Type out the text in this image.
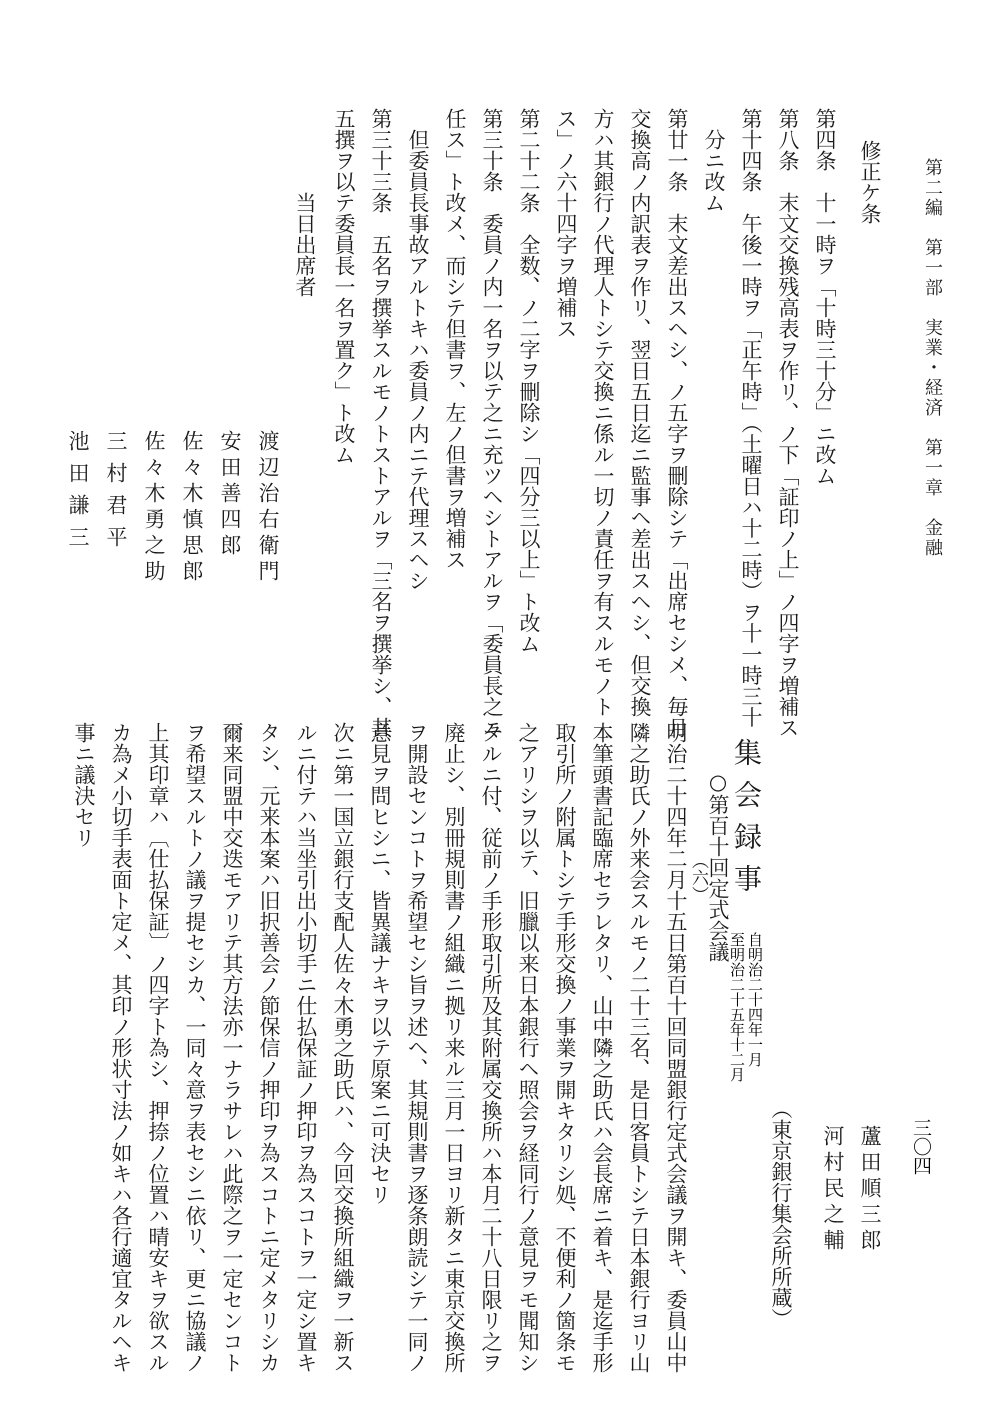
第二編　第一部　実業・経済　第一章　金融
三〇四
修正ケ条
第四条　十一時ヲ「十時三十分」ニ改ム
第八条　末文交換残高表ヲ作リ、ノ下「証印ノ上」ノ四字ヲ増補ス
第十四条　午後一時ヲ「正午時」（土曜日ハ十二時）ヲ十一時三十
　分ニ改ム
第廿一条　末文差出スヘシ、ノ五字ヲ刪除シテ「出席セシメ、毎月
交換高ノ内訳表ヲ作リ、翌日五日迄ニ監事ヘ差出スヘシ、但交換
方ハ其銀行ノ代理人トシテ交換ニ係ル一切ノ責任ヲ有スルモノト
ス」ノ六十四字ヲ増補ス
第二十二条　全数、ノ二字ヲ刪除シ「四分三以上」ト改ム
第三十条　委員ノ内一名ヲ以テ之ニ充ツヘシトアルヲ「委員長之ニ
任ス」ト改メ、而シテ但書ヲ、左ノ但書ヲ増補ス
　但委員長事故アルトキハ委員ノ内ニテ代理スヘシ
第三十三条　五名ヲ撰挙スルモノトストアルヲ「三名ヲ撰挙シ、其
五撰ヲ以テ委員長一名ヲ置ク」ト改ム
当日出席者
渡辺治右衛門
安田善四郎
佐々木慎思郎
佐々木勇之助
三村君平
池田謙三
蘆田順三郎
河村民之輔
（東京銀行集会所所蔵）
自明治二十四年一月
至明治二十五年十二月
集会録事
（六）
○第百十回定式会議
明治二十四年二月十五日第百十回同盟銀行定式会議ヲ開キ、委員山中
隣之助氏ノ外来会スルモノ二十三名、是日客員トシテ日本銀行ヨリ山
本筆頭書記臨席セラレタリ、山中隣之助氏ハ会長席ニ着キ、是迄手形
取引所ノ附属トシテ手形交換ノ事業ヲ開キタリシ処、不便利ノ箇条モ
之アリシヲ以テ、旧臘以来日本銀行ヘ照会ヲ経同行ノ意見ヲモ聞知シ
タルニ付、従前ノ手形取引所及其附属交換所ハ本月二十八日限リ之ヲ
廃止シ、別冊規則書ノ組織ニ拠リ来ル三月一日ヨリ新タニ東京交換所
ヲ開設センコトヲ希望セシ旨ヲ述ヘ、其規則書ヲ逐条朗読シテ一同ノ
意見ヲ問ヒシニ、皆異議ナキヲ以テ原案ニ可決セリ
次ニ第一国立銀行支配人佐々木勇之助氏ハ、今回交換所組織ヲ一新ス
ルニ付テハ当坐引出小切手ニ仕払保証ノ押印ヲ為スコトヲ一定シ置キ
タシ、元来本案ハ旧択善会ノ節保信ノ押印ヲ為スコトニ定メタリシカ
爾来同盟中交迭モアリテ其方法亦一ナラサレハ此際之ヲ一定センコト
ヲ希望スルトノ議ヲ提セシカ、一同々意ヲ表セシニ依リ、更ニ協議ノ
上其印章ハ〔仕払保証〕ノ四字ト為シ、押捺ノ位置ハ晴安キヲ欲スル
カ為メ小切手表面ト定メ、其印ノ形状寸法ノ如キハ各行適宜タルヘキ
事ニ議決セリ
